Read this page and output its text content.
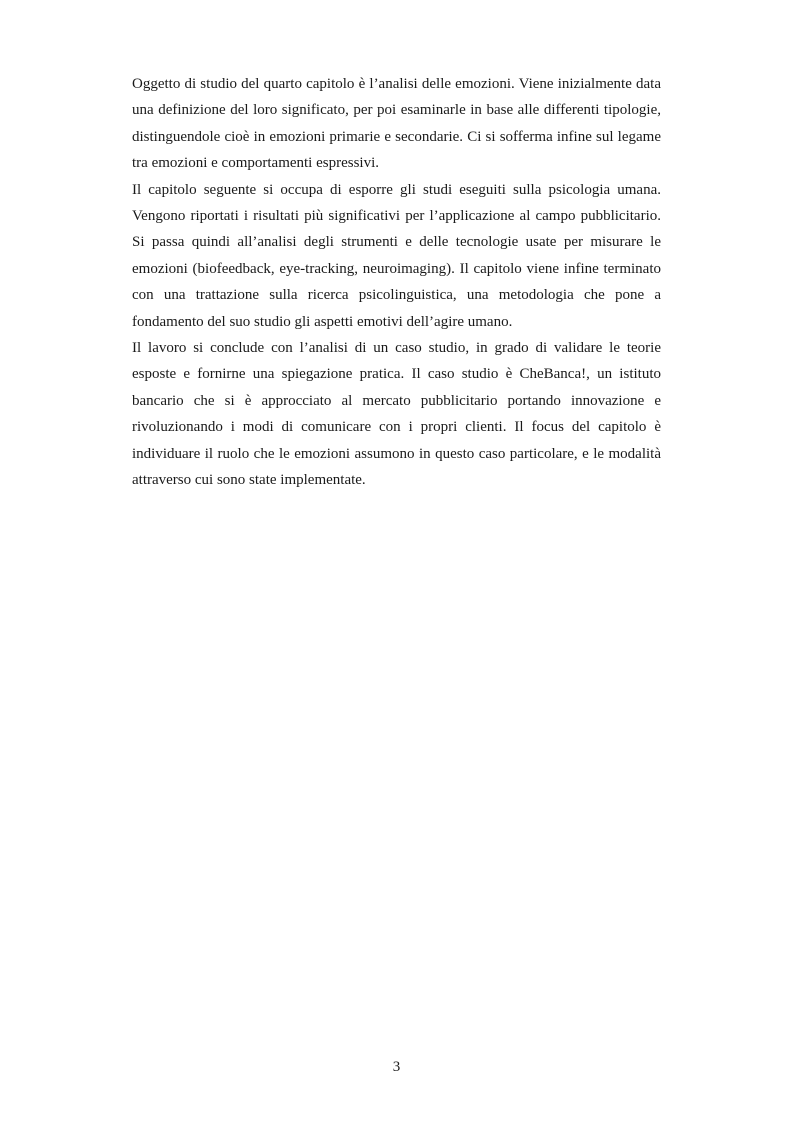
Oggetto di studio del quarto capitolo è l’analisi delle emozioni. Viene inizialmente data una definizione del loro significato, per poi esaminarle in base alle differenti tipologie, distinguendole cioè in emozioni primarie e secondarie. Ci si sofferma infine sul legame tra emozioni e comportamenti espressivi.

Il capitolo seguente si occupa di esporre gli studi eseguiti sulla psicologia umana. Vengono riportati i risultati più significativi per l’applicazione al campo pubblicitario. Si passa quindi all’analisi degli strumenti e delle tecnologie usate per misurare le emozioni (biofeedback, eye-tracking, neuroimaging). Il capitolo viene infine terminato con una trattazione sulla ricerca psicolinguistica, una metodologia che pone a fondamento del suo studio gli aspetti emotivi dell’agire umano.

Il lavoro si conclude con l’analisi di un caso studio, in grado di validare le teorie esposte e fornirne una spiegazione pratica. Il caso studio è CheBanca!, un istituto bancario che si è approcciato al mercato pubblicitario portando innovazione e rivoluzionando i modi di comunicare con i propri clienti. Il focus del capitolo è individuare il ruolo che le emozioni assumono in questo caso particolare, e le modalità attraverso cui sono state implementate.

3
